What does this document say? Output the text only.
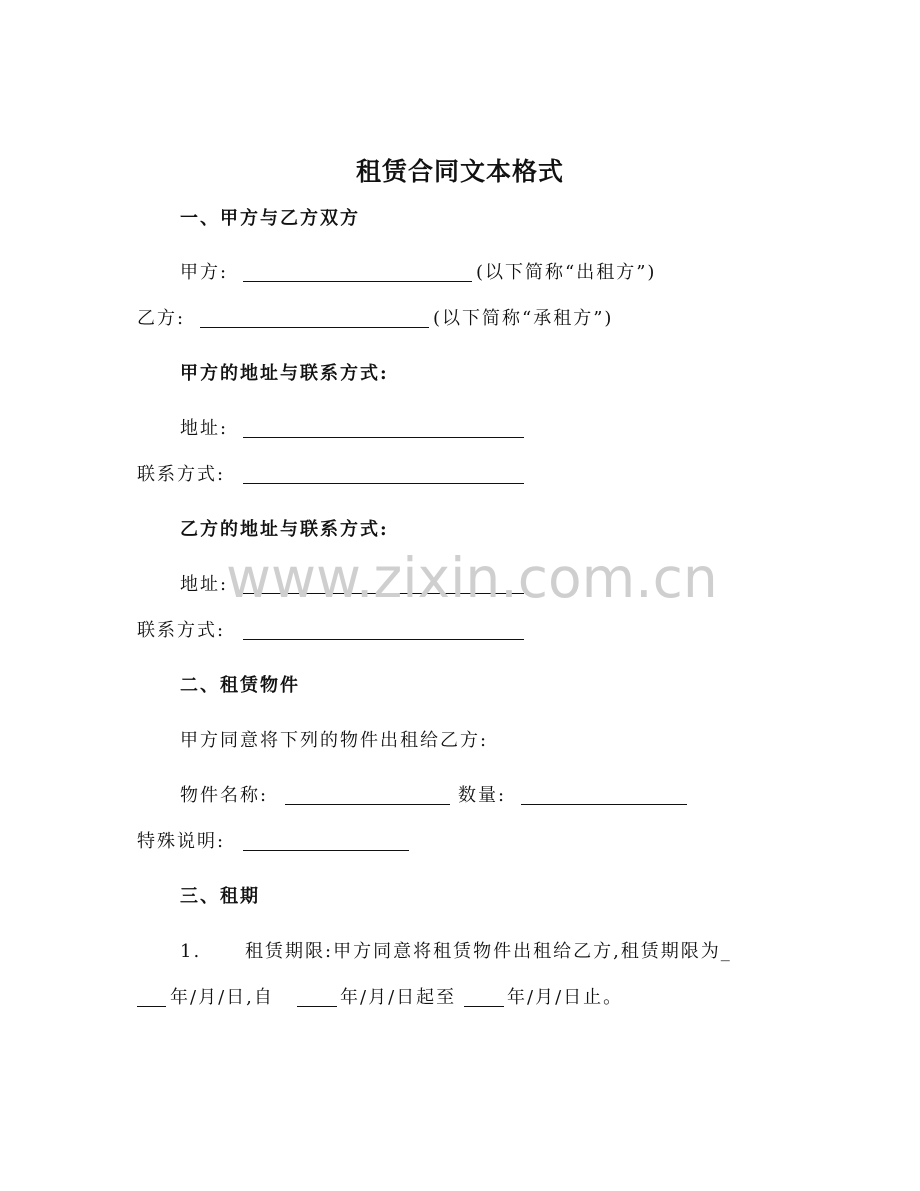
租赁合同文本格式
一、甲方与乙方双方
甲方:	(以下简称“出租方”)
乙方:	(以下简称“承租方”)
甲方的地址与联系方式:
地址:
联系方式:
乙方的地址与联系方式:
地址:
联系方式:
二、租赁物件
甲方同意将下列的物件出租给乙方:
物件名称:	数量:
特殊说明:
三、租期
1. 租赁期限:甲方同意将租赁物件出租给乙方,租赁期限为_
年/月/日,自	年/月/日起至	年/月/日止。
www.zixin.com.cn
